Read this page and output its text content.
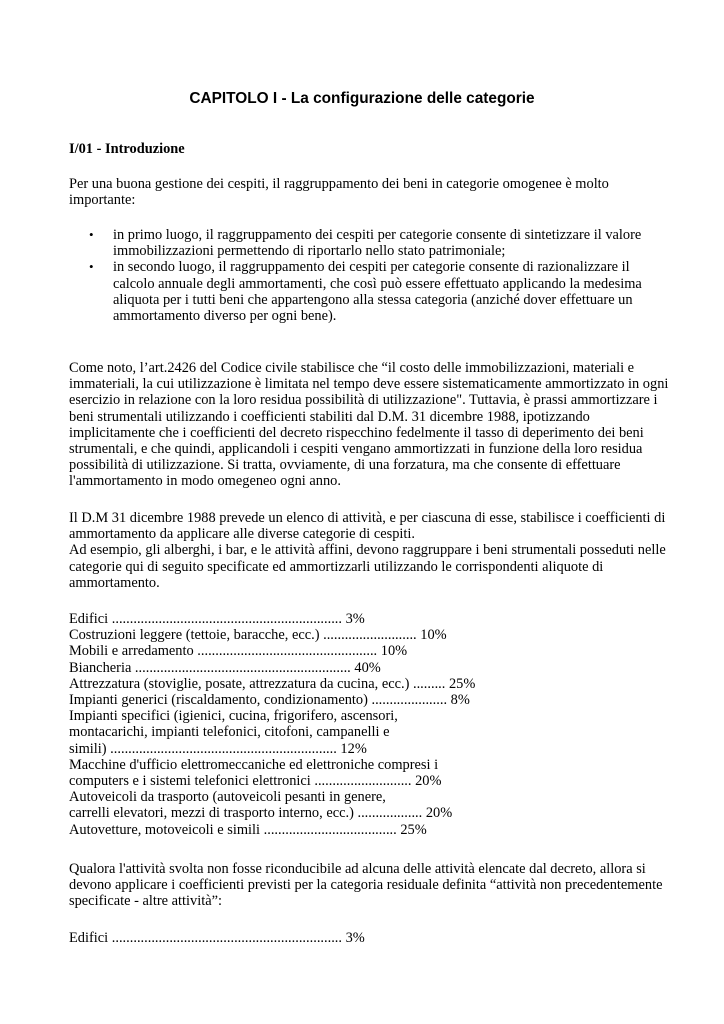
CAPITOLO I - La configurazione delle categorie
I/01 - Introduzione

Per una buona gestione dei cespiti, il raggruppamento dei beni in categorie omogenee è molto importante:

• in primo luogo, il raggruppamento dei cespiti per categorie consente di sintetizzare il valore immobilizzazioni permettendo di riportarlo nello stato patrimoniale;
• in secondo luogo, il raggruppamento dei cespiti per categorie consente di razionalizzare il calcolo annuale degli ammortamenti, che così può essere effettuato applicando la medesima aliquota per i tutti beni che appartengono alla stessa categoria (anziché dover effettuare un ammortamento diverso per ogni bene).

Come noto, l’art.2426 del Codice civile stabilisce che “il costo delle immobilizzazioni, materiali e immateriali, la cui utilizzazione è limitata nel tempo deve essere sistematicamente ammortizzato in ogni esercizio in relazione con la loro residua possibilità di utilizzazione". Tuttavia, è prassi ammortizzare i beni strumentali utilizzando i coefficienti stabiliti dal D.M. 31 dicembre 1988, ipotizzando implicitamente che i coefficienti del decreto rispecchino fedelmente il tasso di deperimento dei beni strumentali, e che quindi, applicandoli i cespiti vengano ammortizzati in funzione della loro residua possibilità di utilizzazione. Si tratta, ovviamente, di una forzatura, ma che consente di effettuare l'ammortamento in modo omegeneo ogni anno.

Il D.M 31 dicembre 1988 prevede un elenco di attività, e per ciascuna di esse, stabilisce i coefficienti di ammortamento da applicare alle diverse categorie di cespiti.

Ad esempio, gli alberghi, i bar, e le attività affini, devono raggruppare i beni strumentali posseduti nelle categorie qui di seguito specificate ed ammortizzarli utilizzando le corrispondenti aliquote di ammortamento.

Edifici ................................................................ 3%
Costruzioni leggere (tettoie, baracche, ecc.) .......................... 10%
Mobili e arredamento .................................................. 10%
Biancheria ............................................................ 40%
Attrezzatura (stoviglie, posate, attrezzatura da cucina, ecc.) ......... 25%
Impianti generici (riscaldamento, condizionamento) ..................... 8%
Impianti specifici (igienici, cucina, frigorifero, ascensori,
montacarichi, impianti telefonici, citofoni, campanelli e
simili) ............................................................... 12%
Macchine d'ufficio elettromeccaniche ed elettroniche compresi i
computers e i sistemi telefonici elettronici ........................... 20%
Autoveicoli da trasporto (autoveicoli pesanti in genere,
carrelli elevatori, mezzi di trasporto interno, ecc.) .................. 20%
Autovetture, motoveicoli e simili ..................................... 25%

Qualora l'attività svolta non fosse riconducibile ad alcuna delle attività elencate dal decreto, allora si devono applicare i coefficienti previsti per la categoria residuale definita “attività non precedentemente specificate - altre attività”:

Edifici ................................................................ 3%
